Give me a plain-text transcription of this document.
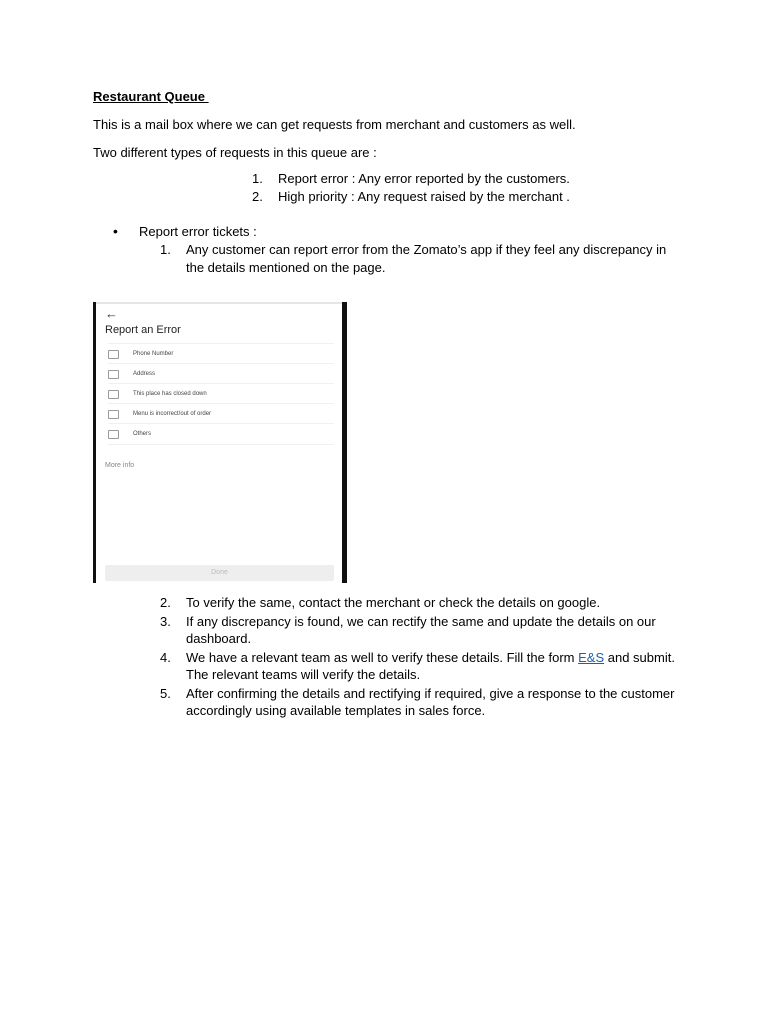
Restaurant Queue
This is a mail box where we can get requests from merchant and customers as well.
Two different types of requests in this queue are :
1.	Report error : Any error reported by the customers.
2.	High priority : Any request raised by the merchant .
•	Report error tickets :
1.	Any customer can report error from the Zomato’s app if they feel any discrepancy in the details mentioned on the page.
←
Report an Error
Phone Number
Address
This place has closed down
Menu is incorrect/out of order
Others
More info
Done
2.	To verify the same, contact the merchant or check the details on google.
3.	If any discrepancy is found, we can rectify the same and update the details on our dashboard.
4.	We have a relevant team as well to verify these details. Fill the form E&S and submit. The relevant teams will verify the details.
5.	After confirming the details and rectifying if required, give a response to the customer accordingly using available templates in sales force.
